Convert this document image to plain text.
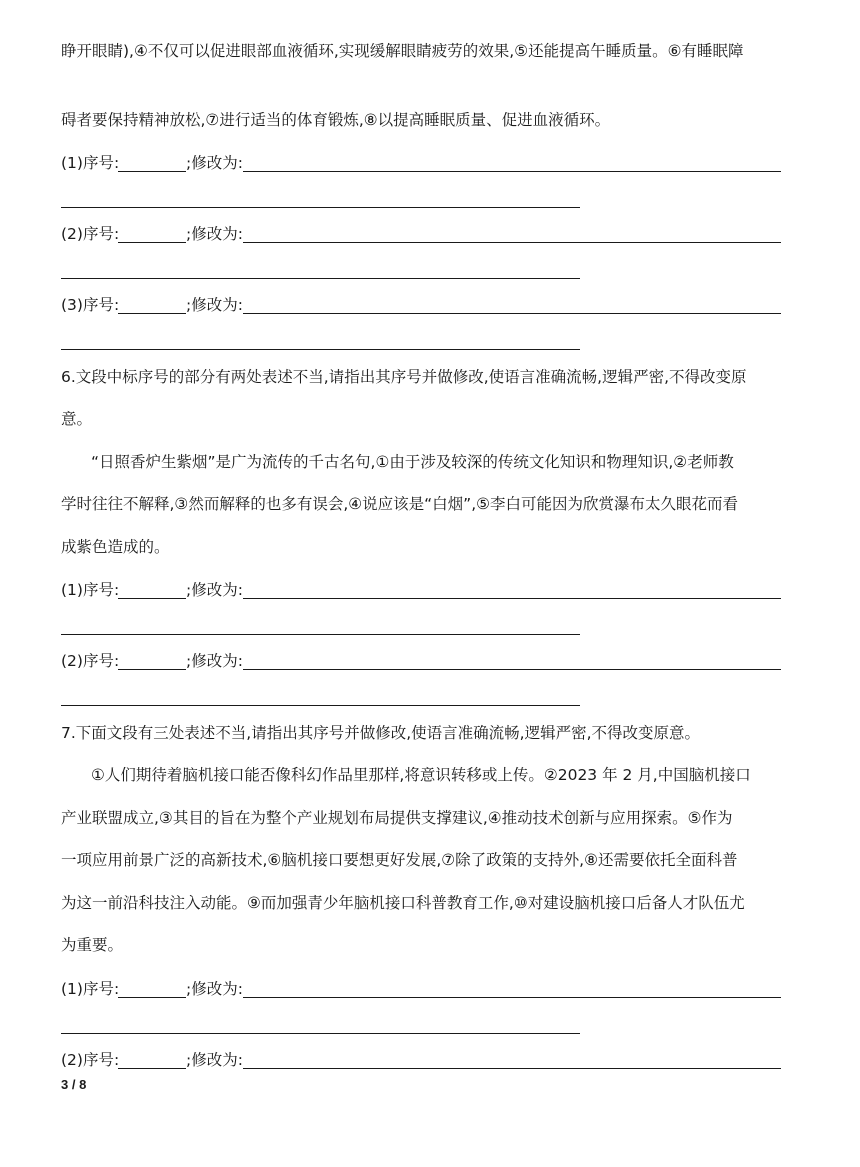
睁开眼睛),④不仅可以促进眼部血液循环,实现缓解眼睛疲劳的效果,⑤还能提高午睡质量。⑥有睡眠障
碍者要保持精神放松,⑦进行适当的体育锻炼,⑧以提高睡眠质量、促进血液循环。
(1)序号:	;修改为:
(2)序号:	;修改为:
(3)序号:	;修改为:
6.文段中标序号的部分有两处表述不当,请指出其序号并做修改,使语言准确流畅,逻辑严密,不得改变原
意。
“日照香炉生紫烟”是广为流传的千古名句,①由于涉及较深的传统文化知识和物理知识,②老师教
学时往往不解释,③然而解释的也多有误会,④说应该是“白烟”,⑤李白可能因为欣赏瀑布太久眼花而看
成紫色造成的。
(1)序号:	;修改为:
(2)序号:	;修改为:
7.下面文段有三处表述不当,请指出其序号并做修改,使语言准确流畅,逻辑严密,不得改变原意。
①人们期待着脑机接口能否像科幻作品里那样,将意识转移或上传。②2023 年 2 月,中国脑机接口
产业联盟成立,③其目的旨在为整个产业规划布局提供支撑建议,④推动技术创新与应用探索。⑤作为
一项应用前景广泛的高新技术,⑥脑机接口要想更好发展,⑦除了政策的支持外,⑧还需要依托全面科普
为这一前沿科技注入动能。⑨而加强青少年脑机接口科普教育工作,⑩对建设脑机接口后备人才队伍尤
为重要。
(1)序号:	;修改为:
(2)序号:	;修改为:
3 / 8
